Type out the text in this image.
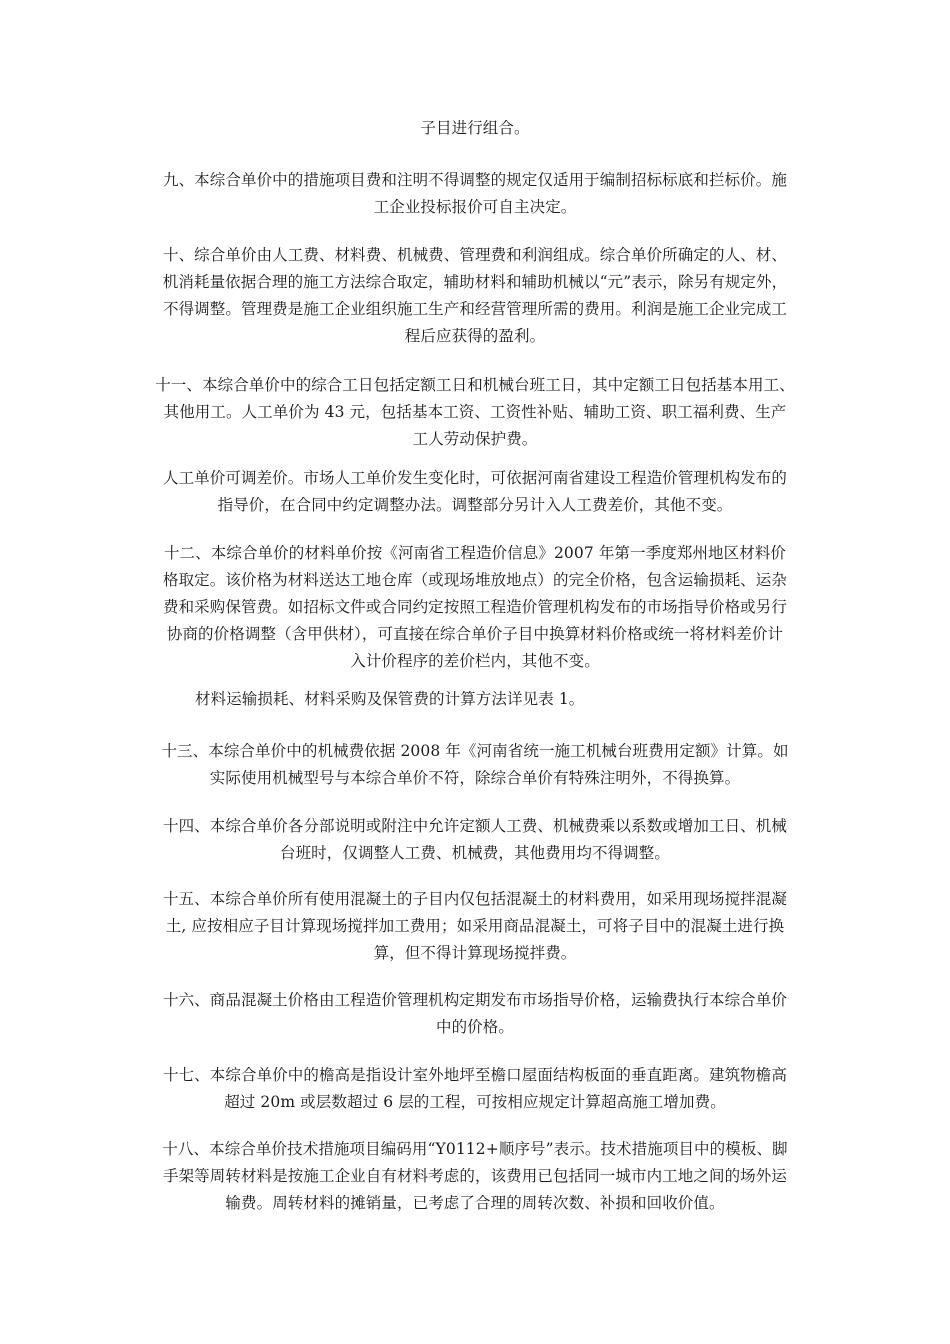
子目进行组合。

九、本综合单价中的措施项目费和注明不得调整的规定仅适用于编制招标标底和拦标价。施
工企业投标报价可自主决定。

十、综合单价由人工费、材料费、机械费、管理费和利润组成。综合单价所确定的人、材、
机消耗量依据合理的施工方法综合取定，辅助材料和辅助机械以“元”表示，除另有规定外，
不得调整。管理费是施工企业组织施工生产和经营管理所需的费用。利润是施工企业完成工
程后应获得的盈利。

十一、本综合单价中的综合工日包括定额工日和机械台班工日，其中定额工日包括基本用工、
其他用工。人工单价为 43 元，包括基本工资、工资性补贴、辅助工资、职工福利费、生产
工人劳动保护费。

人工单价可调差价。市场人工单价发生变化时，可依据河南省建设工程造价管理机构发布的
指导价，在合同中约定调整办法。调整部分另计入人工费差价，其他不变。

十二、本综合单价的材料单价按《河南省工程造价信息》2007 年第一季度郑州地区材料价
格取定。该价格为材料送达工地仓库（或现场堆放地点）的完全价格，包含运输损耗、运杂
费和采购保管费。如招标文件或合同约定按照工程造价管理机构发布的市场指导价格或另行
协商的价格调整（含甲供材），可直接在综合单价子目中换算材料价格或统一将材料差价计
入计价程序的差价栏内，其他不变。

材料运输损耗、材料采购及保管费的计算方法详见表 1。

十三、本综合单价中的机械费依据 2008 年《河南省统一施工机械台班费用定额》计算。如
实际使用机械型号与本综合单价不符，除综合单价有特殊注明外，不得换算。

十四、本综合单价各分部说明或附注中允许定额人工费、机械费乘以系数或增加工日、机械
台班时，仅调整人工费、机械费，其他费用均不得调整。

十五、本综合单价所有使用混凝土的子目内仅包括混凝土的材料费用，如采用现场搅拌混凝
土, 应按相应子目计算现场搅拌加工费用；如采用商品混凝土，可将子目中的混凝土进行换
算，但不得计算现场搅拌费。

十六、商品混凝土价格由工程造价管理机构定期发布市场指导价格，运输费执行本综合单价
中的价格。

十七、本综合单价中的檐高是指设计室外地坪至檐口屋面结构板面的垂直距离。建筑物檐高
超过 20m 或层数超过 6 层的工程，可按相应规定计算超高施工增加费。

十八、本综合单价技术措施项目编码用“Y0112+顺序号”表示。技术措施项目中的模板、脚
手架等周转材料是按施工企业自有材料考虑的，该费用已包括同一城市内工地之间的场外运
输费。周转材料的摊销量，已考虑了合理的周转次数、补损和回收价值。
